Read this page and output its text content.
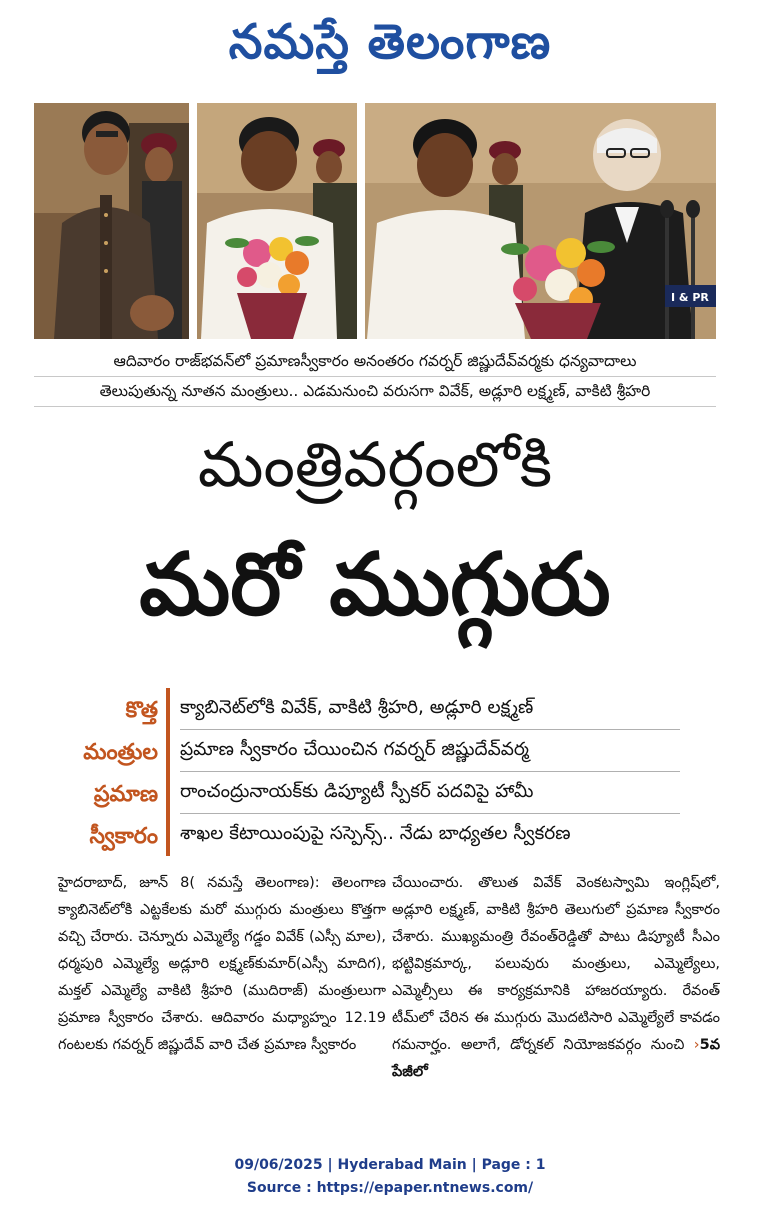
నమస్తే తెలంగాణ
I & PR
ఆదివారం రాజ్‌భవన్‌లో ప్రమాణస్వీకారం అనంతరం గవర్నర్ జిష్ణుదేవ్‌వర్మకు ధన్యవాదాలు
తెలుపుతున్న నూతన మంత్రులు.. ఎడమనుంచి వరుసగా వివేక్, అడ్లూరి లక్ష్మణ్, వాకిటి శ్రీహరి
మంత్రివర్గంలోకి
మరో ముగ్గురు
కొత్త
మంత్రుల
ప్రమాణ
స్వీకారం
క్యాబినెట్‌లోకి వివేక్, వాకిటి శ్రీహరి, అడ్లూరి లక్ష్మణ్
ప్రమాణ స్వీకారం చేయించిన గవర్నర్ జిష్ణుదేవ్‌వర్మ
రాంచంద్రునాయక్‌కు డిప్యూటీ స్పీకర్ పదవిపై హామీ
శాఖల కేటాయింపుపై సస్పెన్స్.. నేడు బాధ్యతల స్వీకరణ

హైదరాబాద్, జూన్ 8( నమస్తే తెలంగాణ): తెలంగాణ క్యాబినెట్‌లోకి ఎట్టకేలకు మరో ముగ్గురు మంత్రులు కొత్తగా వచ్చి చేరారు. చెన్నూరు ఎమ్మెల్యే గడ్డం వివేక్ (ఎస్సీ మాల), ధర్మపురి ఎమ్మెల్యే అడ్లూరి లక్ష్మణ్‌కుమార్(ఎస్సీ మాదిగ), మక్తల్ ఎమ్మెల్యే వాకిటి శ్రీహరి (ముదిరాజ్) మంత్రులుగా ప్రమాణ స్వీకారం చేశారు. ఆదివారం మధ్యాహ్నం 12.19 గంటలకు గవర్నర్ జిష్ణుదేవ్ వారి చేత ప్రమాణ స్వీకారం

చేయించారు. తొలుత వివేక్ వెంకటస్వామి ఇంగ్లిష్‌లో, అడ్లూరి లక్ష్మణ్, వాకిటి శ్రీహరి తెలుగులో ప్రమాణ స్వీకారం చేశారు. ముఖ్యమంత్రి రేవంత్‌రెడ్డితో పాటు డిప్యూటీ సీఎం భట్టివిక్రమార్క, పలువురు మంత్రులు, ఎమ్మెల్యేలు, ఎమ్మెల్సీలు ఈ కార్యక్రమానికి హాజరయ్యారు. రేవంత్ టీమ్‌లో చేరిన ఈ ముగ్గురు మొదటిసారి ఎమ్మెల్యేలే కావడం గమనార్హం. అలాగే, డోర్నకల్ నియోజకవర్గం నుంచి ›5వ పేజీలో

09/06/2025 | Hyderabad Main | Page : 1
Source : https://epaper.ntnews.com/
